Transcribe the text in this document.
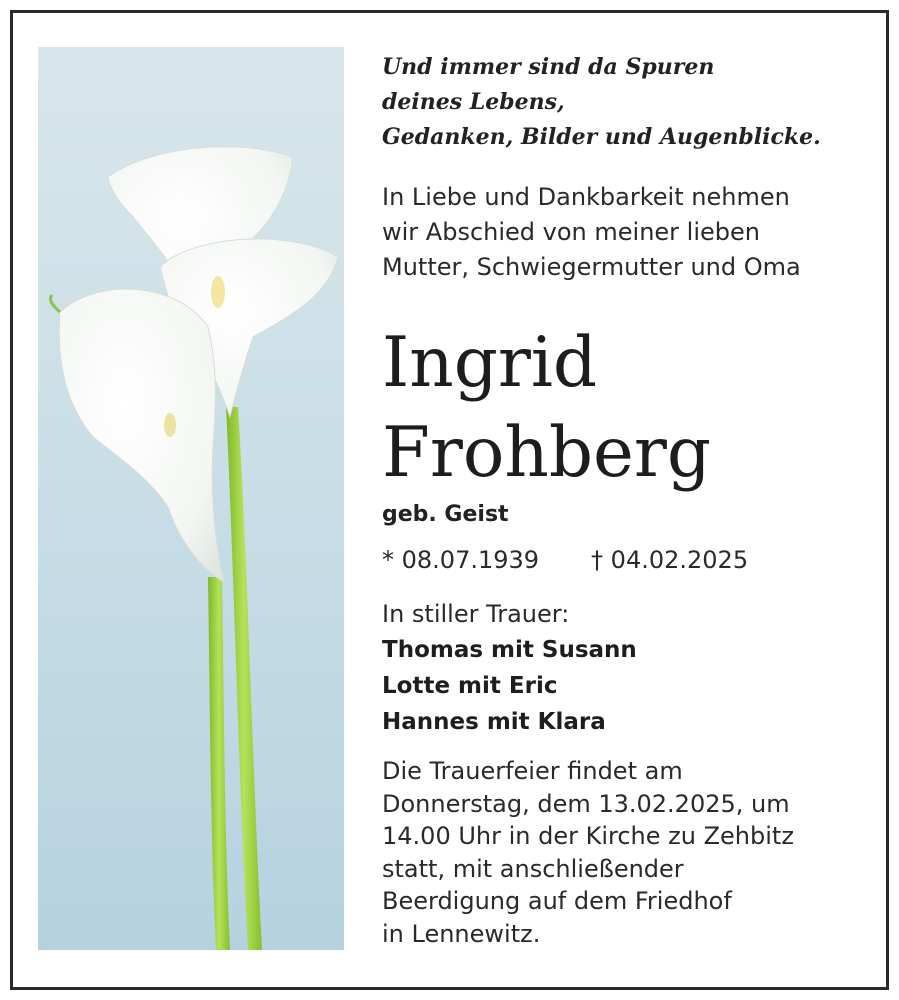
Und immer sind da Spuren
deines Lebens,
Gedanken, Bilder und Augenblicke.
In Liebe und Dankbarkeit nehmen
wir Abschied von meiner lieben
Mutter, Schwiegermutter und Oma
Ingrid
Frohberg
geb. Geist
* 08.07.1939 † 04.02.2025
In stiller Trauer:
Thomas mit Susann
Lotte mit Eric
Hannes mit Klara
Die Trauerfeier findet am
Donnerstag, dem 13.02.2025, um
14.00 Uhr in der Kirche zu Zehbitz
statt, mit anschließender
Beerdigung auf dem Friedhof
in Lennewitz.
